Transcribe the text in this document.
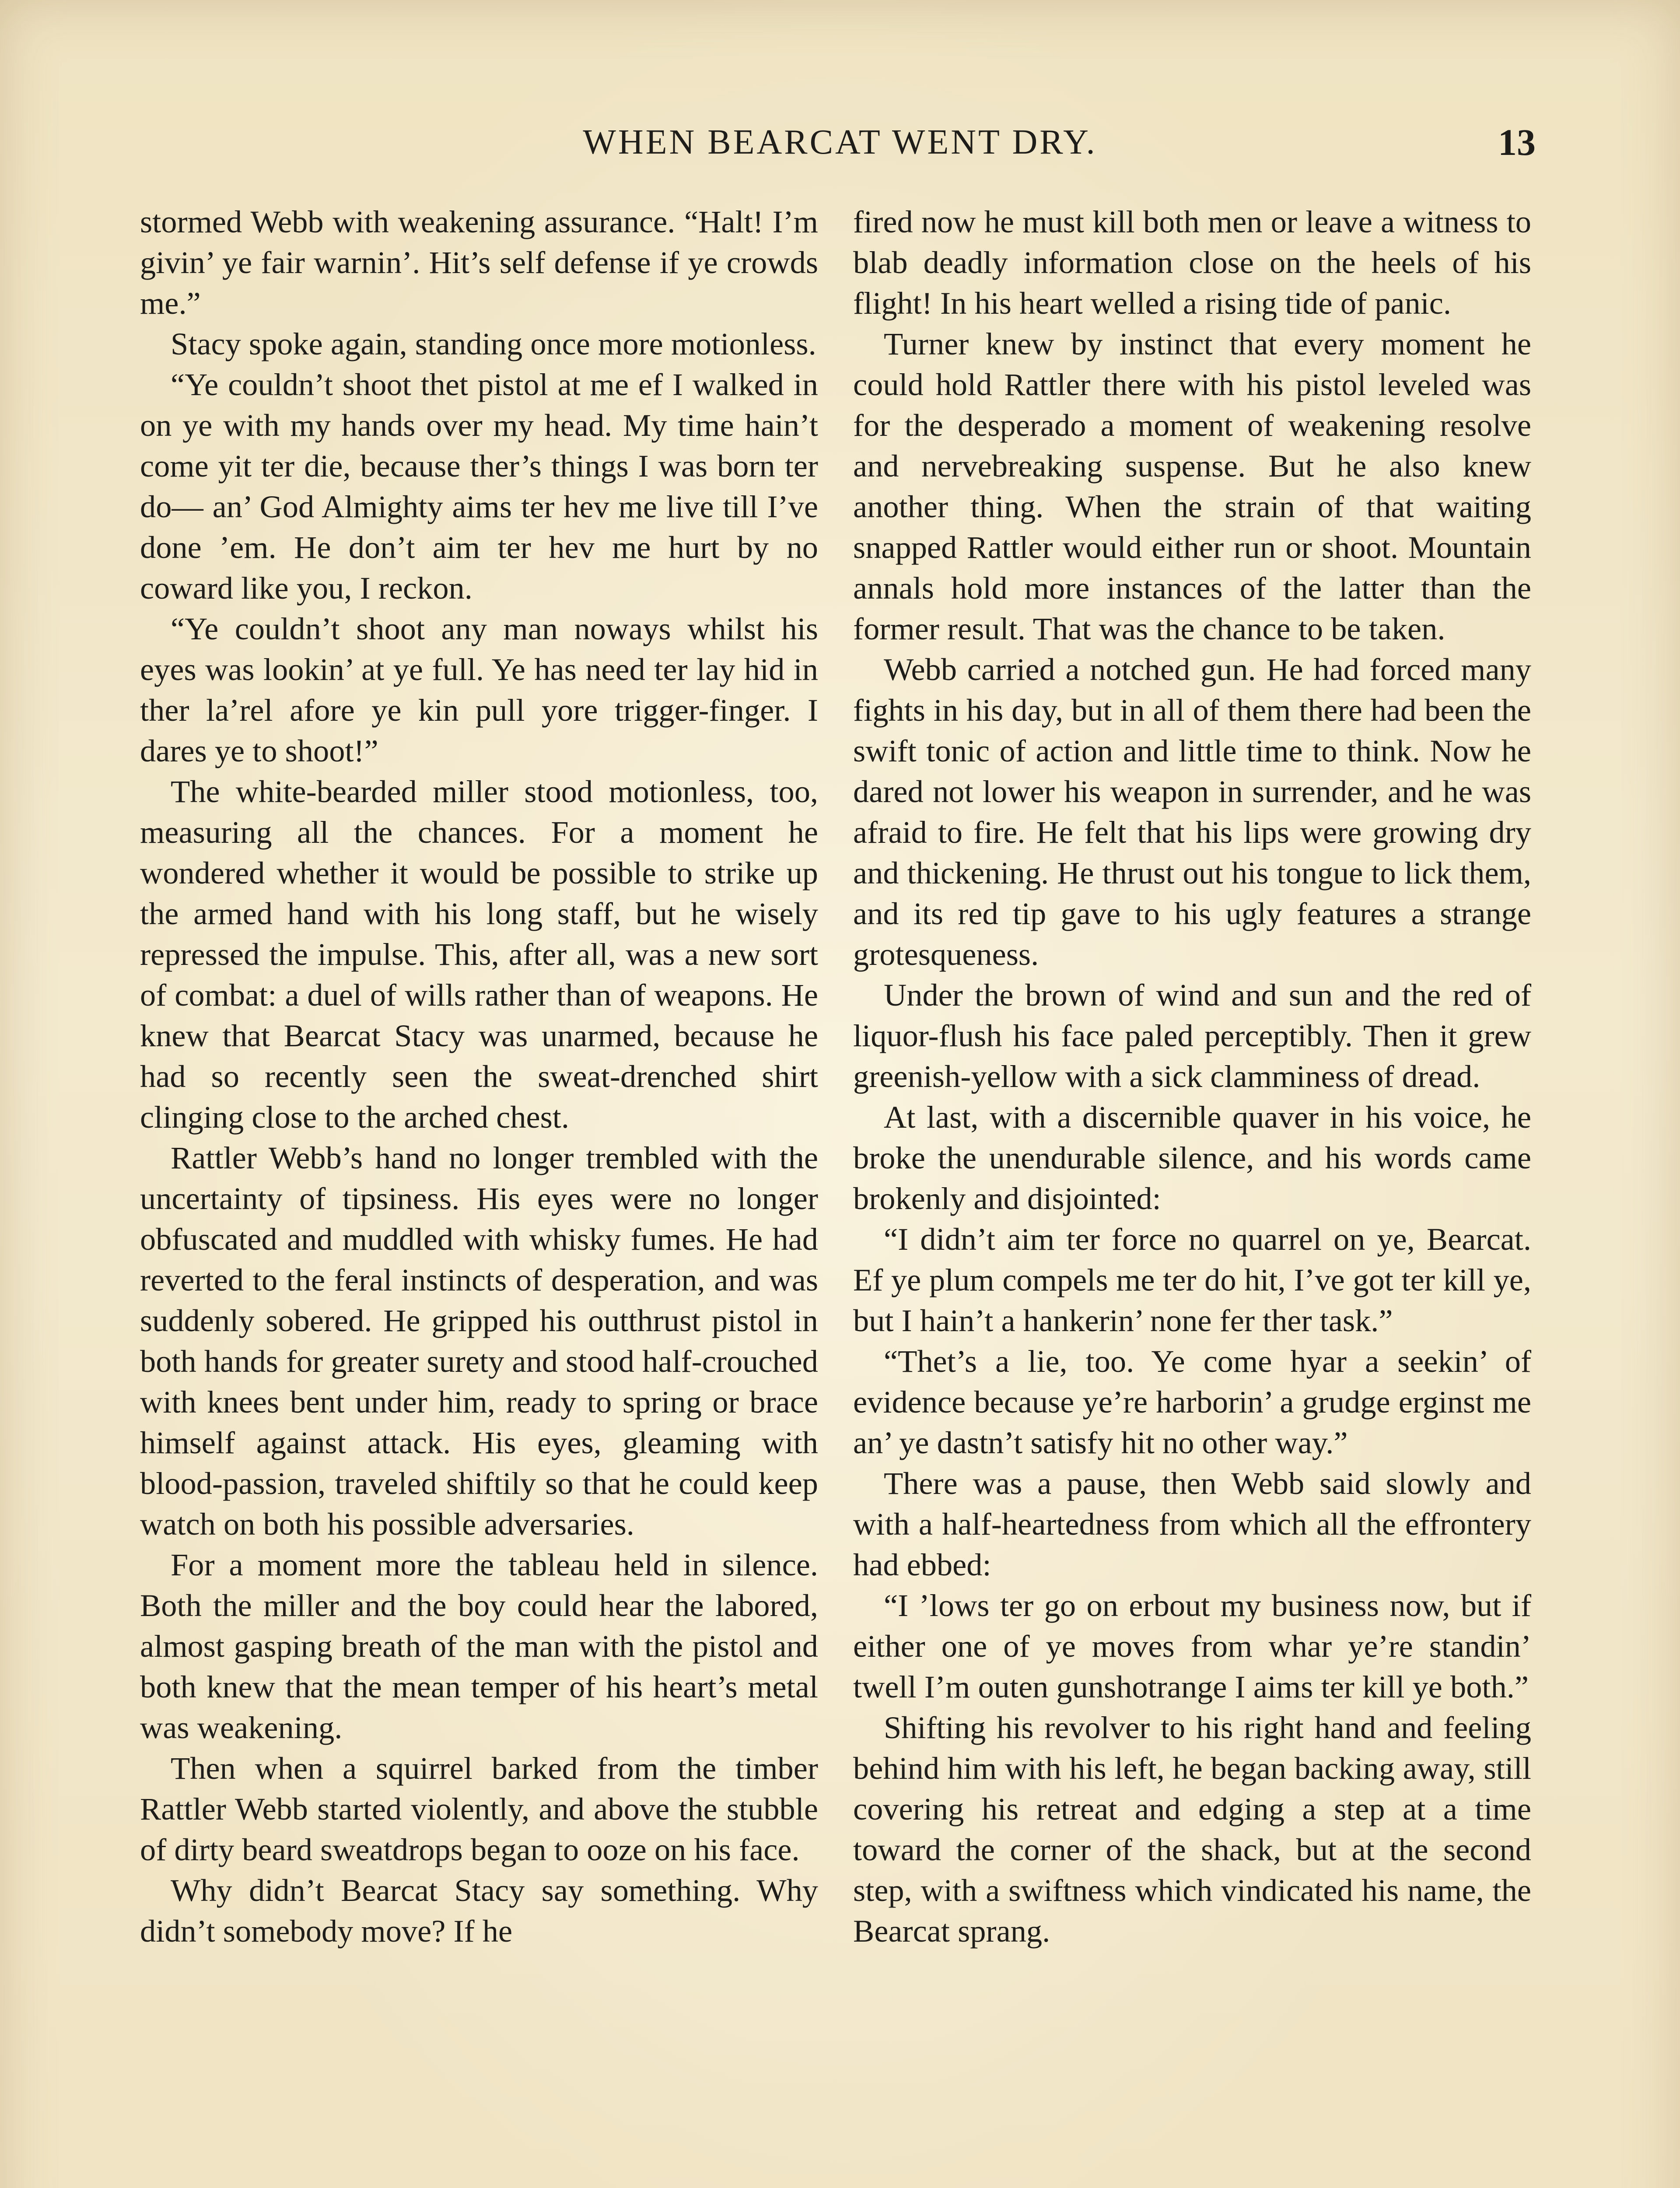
WHEN BEARCAT WENT DRY.	13

stormed Webb with weakening assurance. “Halt! I’m givin’ ye fair warnin’. Hit’s self defense if ye crowds me.”

Stacy spoke again, standing once more motionless.

“Ye couldn’t shoot thet pistol at me ef I walked in on ye with my hands over my head. My time hain’t come yit ter die, because ther’s things I was born ter do— an’ God Almighty aims ter hev me live till I’ve done ’em. He don’t aim ter hev me hurt by no coward like you, I reckon.

“Ye couldn’t shoot any man noways whilst his eyes was lookin’ at ye full. Ye has need ter lay hid in ther la’rel afore ye kin pull yore trigger-finger. I dares ye to shoot!”

The white-bearded miller stood motionless, too, measuring all the chances. For a moment he wondered whether it would be possible to strike up the armed hand with his long staff, but he wisely repressed the impulse. This, after all, was a new sort of combat: a duel of wills rather than of weapons. He knew that Bearcat Stacy was unarmed, because he had so recently seen the sweat-drenched shirt clinging close to the arched chest.

Rattler Webb’s hand no longer trembled with the uncertainty of tipsiness. His eyes were no longer obfuscated and muddled with whisky fumes. He had reverted to the feral instincts of desperation, and was suddenly sobered. He gripped his outthrust pistol in both hands for greater surety and stood half-crouched with knees bent under him, ready to spring or brace himself against attack. His eyes, gleaming with blood-passion, traveled shiftily so that he could keep watch on both his possible adversaries.

For a moment more the tableau held in silence. Both the miller and the boy could hear the labored, almost gasping breath of the man with the pistol and both knew that the mean temper of his heart’s metal was weakening.

Then when a squirrel barked from the timber Rattler Webb started violently, and above the stubble of dirty beard sweatdrops began to ooze on his face.

Why didn’t Bearcat Stacy say something. Why didn’t somebody move? If he

fired now he must kill both men or leave a witness to blab deadly information close on the heels of his flight! In his heart welled a rising tide of panic.

Turner knew by instinct that every moment he could hold Rattler there with his pistol leveled was for the desperado a moment of weakening resolve and nervebreaking suspense. But he also knew another thing. When the strain of that waiting snapped Rattler would either run or shoot. Mountain annals hold more instances of the latter than the former result. That was the chance to be taken.

Webb carried a notched gun. He had forced many fights in his day, but in all of them there had been the swift tonic of action and little time to think. Now he dared not lower his weapon in surrender, and he was afraid to fire. He felt that his lips were growing dry and thickening. He thrust out his tongue to lick them, and its red tip gave to his ugly features a strange grotesqueness.

Under the brown of wind and sun and the red of liquor-flush his face paled perceptibly. Then it grew greenish-yellow with a sick clamminess of dread.

At last, with a discernible quaver in his voice, he broke the unendurable silence, and his words came brokenly and disjointed:

“I didn’t aim ter force no quarrel on ye, Bearcat. Ef ye plum compels me ter do hit, I’ve got ter kill ye, but I hain’t a hankerin’ none fer ther task.”

“Thet’s a lie, too. Ye come hyar a seekin’ of evidence because ye’re harborin’ a grudge erginst me an’ ye dastn’t satisfy hit no other way.”

There was a pause, then Webb said slowly and with a half-heartedness from which all the effrontery had ebbed:

“I ’lows ter go on erbout my business now, but if either one of ye moves from whar ye’re standin’ twell I’m outen gunshotrange I aims ter kill ye both.”

Shifting his revolver to his right hand and feeling behind him with his left, he began backing away, still covering his retreat and edging a step at a time toward the corner of the shack, but at the second step, with a swiftness which vindicated his name, the Bearcat sprang.
